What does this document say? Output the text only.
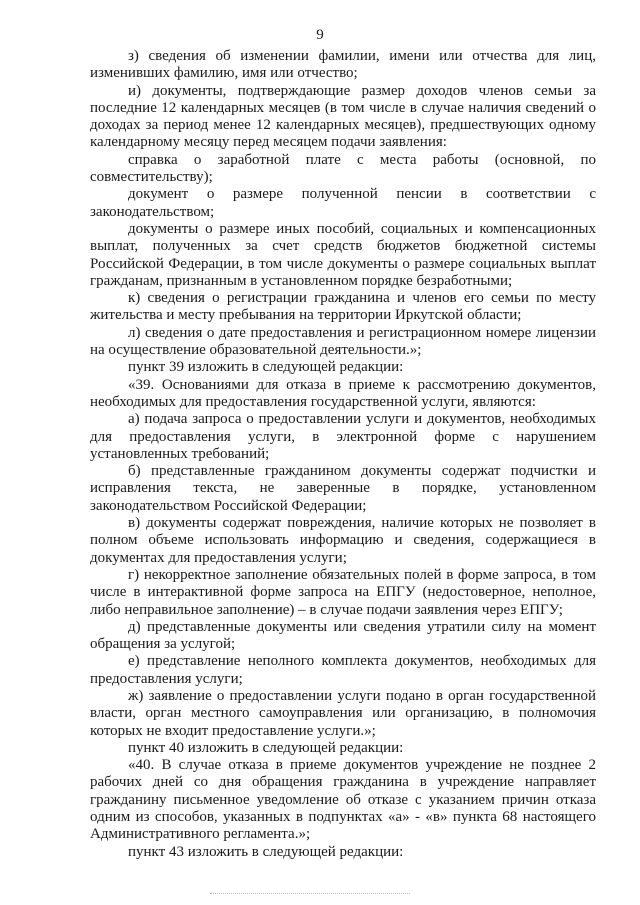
9

з) сведения об изменении фамилии, имени или отчества для лиц, изменивших фамилию, имя или отчество;

и) документы, подтверждающие размер доходов членов семьи за последние 12 календарных месяцев (в том числе в случае наличия сведений о доходах за период менее 12 календарных месяцев), предшествующих одному календарному месяцу перед месяцем подачи заявления:

справка о заработной плате с места работы (основной, по совместительству);

документ о размере полученной пенсии в соответствии с законодательством;

документы о размере иных пособий, социальных и компенсационных выплат, полученных за счет средств бюджетов бюджетной системы Российской Федерации, в том числе документы о размере социальных выплат гражданам, признанным в установленном порядке безработными;

к) сведения о регистрации гражданина и членов его семьи по месту жительства и месту пребывания на территории Иркутской области;

л) сведения о дате предоставления и регистрационном номере лицензии на осуществление образовательной деятельности.»;

пункт 39 изложить в следующей редакции:

«39. Основаниями для отказа в приеме к рассмотрению документов, необходимых для предоставления государственной услуги, являются:

а) подача запроса о предоставлении услуги и документов, необходимых для предоставления услуги, в электронной форме с нарушением установленных требований;

б) представленные гражданином документы содержат подчистки и исправления текста, не заверенные в порядке, установленном законодательством Российской Федерации;

в) документы содержат повреждения, наличие которых не позволяет в полном объеме использовать информацию и сведения, содержащиеся в документах для предоставления услуги;

г) некорректное заполнение обязательных полей в форме запроса, в том числе в интерактивной форме запроса на ЕПГУ (недостоверное, неполное, либо неправильное заполнение) – в случае подачи заявления через ЕПГУ;

д) представленные документы или сведения утратили силу на момент обращения за услугой;

е) представление неполного комплекта документов, необходимых для предоставления услуги;

ж) заявление о предоставлении услуги подано в орган государственной власти, орган местного самоуправления или организацию, в полномочия которых не входит предоставление услуги.»;

пункт 40 изложить в следующей редакции:

«40. В случае отказа в приеме документов учреждение не позднее 2 рабочих дней со дня обращения гражданина в учреждение направляет гражданину письменное уведомление об отказе с указанием причин отказа одним из способов, указанных в подпунктах «а» - «в» пункта 68 настоящего Административного регламента.»;

пункт 43 изложить в следующей редакции:
